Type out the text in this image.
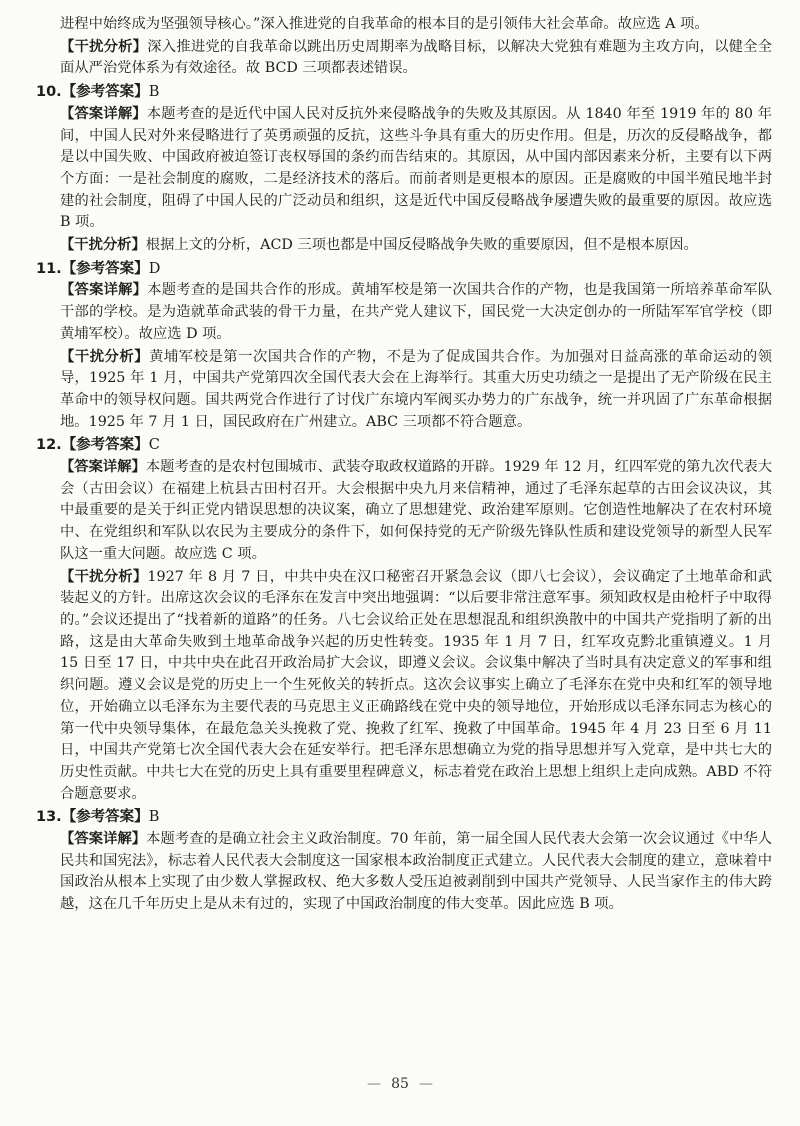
进程中始终成为坚强领导核心。”深入推进党的自我革命的根本目的是引领伟大社会革命。故应选 A 项。

【干扰分析】深入推进党的自我革命以跳出历史周期率为战略目标，以解决大党独有难题为主攻方向，以健全全面从严治党体系为有效途径。故 BCD 三项都表述错误。

10.【参考答案】B

【答案详解】本题考查的是近代中国人民对反抗外来侵略战争的失败及其原因。从 1840 年至 1919 年的 80 年间，中国人民对外来侵略进行了英勇顽强的反抗，这些斗争具有重大的历史作用。但是，历次的反侵略战争，都是以中国失败、中国政府被迫签订丧权辱国的条约而告结束的。其原因，从中国内部因素来分析，主要有以下两个方面：一是社会制度的腐败，二是经济技术的落后。而前者则是更根本的原因。正是腐败的中国半殖民地半封建的社会制度，阻碍了中国人民的广泛动员和组织，这是近代中国反侵略战争屡遭失败的最重要的原因。故应选 B 项。

【干扰分析】根据上文的分析，ACD 三项也都是中国反侵略战争失败的重要原因，但不是根本原因。

11.【参考答案】D

【答案详解】本题考查的是国共合作的形成。黄埔军校是第一次国共合作的产物，也是我国第一所培养革命军队干部的学校。是为造就革命武装的骨干力量，在共产党人建议下，国民党一大决定创办的一所陆军军官学校（即黄埔军校）。故应选 D 项。

【干扰分析】黄埔军校是第一次国共合作的产物，不是为了促成国共合作。为加强对日益高涨的革命运动的领导，1925 年 1 月，中国共产党第四次全国代表大会在上海举行。其重大历史功绩之一是提出了无产阶级在民主革命中的领导权问题。国共两党合作进行了讨伐广东境内军阀买办势力的广东战争，统一并巩固了广东革命根据地。1925 年 7 月 1 日，国民政府在广州建立。ABC 三项都不符合题意。

12.【参考答案】C

【答案详解】本题考查的是农村包围城市、武装夺取政权道路的开辟。1929 年 12 月，红四军党的第九次代表大会（古田会议）在福建上杭县古田村召开。大会根据中央九月来信精神，通过了毛泽东起草的古田会议决议，其中最重要的是关于纠正党内错误思想的决议案，确立了思想建党、政治建军原则。它创造性地解决了在农村环境中、在党组织和军队以农民为主要成分的条件下，如何保持党的无产阶级先锋队性质和建设党领导的新型人民军队这一重大问题。故应选 C 项。

【干扰分析】1927 年 8 月 7 日，中共中央在汉口秘密召开紧急会议（即八七会议），会议确定了土地革命和武装起义的方针。出席这次会议的毛泽东在发言中突出地强调：“以后要非常注意军事。须知政权是由枪杆子中取得的。”会议还提出了“找着新的道路”的任务。八七会议给正处在思想混乱和组织涣散中的中国共产党指明了新的出路，这是由大革命失败到土地革命战争兴起的历史性转变。1935 年 1 月 7 日，红军攻克黔北重镇遵义。1 月 15 日至 17 日，中共中央在此召开政治局扩大会议，即遵义会议。会议集中解决了当时具有决定意义的军事和组织问题。遵义会议是党的历史上一个生死攸关的转折点。这次会议事实上确立了毛泽东在党中央和红军的领导地位，开始确立以毛泽东为主要代表的马克思主义正确路线在党中央的领导地位，开始形成以毛泽东同志为核心的第一代中央领导集体，在最危急关头挽救了党、挽救了红军、挽救了中国革命。1945 年 4 月 23 日至 6 月 11 日，中国共产党第七次全国代表大会在延安举行。把毛泽东思想确立为党的指导思想并写入党章，是中共七大的历史性贡献。中共七大在党的历史上具有重要里程碑意义，标志着党在政治上思想上组织上走向成熟。ABD 不符合题意要求。

13.【参考答案】B

【答案详解】本题考查的是确立社会主义政治制度。70 年前，第一届全国人民代表大会第一次会议通过《中华人民共和国宪法》，标志着人民代表大会制度这一国家根本政治制度正式建立。人民代表大会制度的建立，意味着中国政治从根本上实现了由少数人掌握政权、绝大多数人受压迫被剥削到中国共产党领导、人民当家作主的伟大跨越，这在几千年历史上是从未有过的，实现了中国政治制度的伟大变革。因此应选 B 项。

— 85 —
